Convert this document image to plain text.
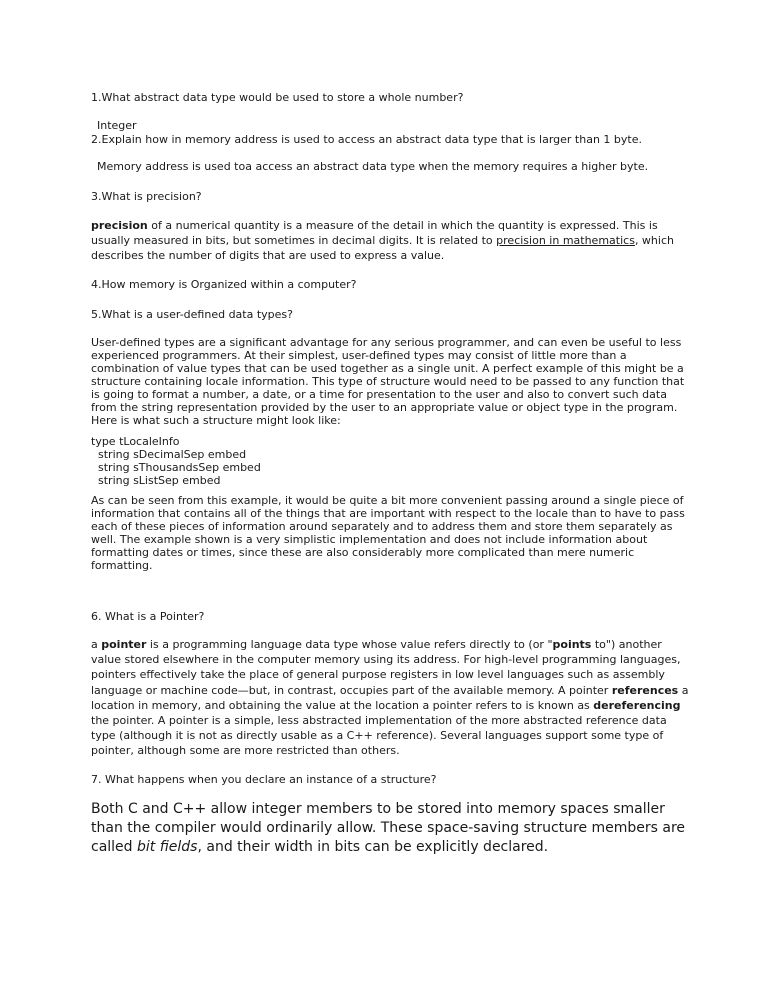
1.What abstract data type would be used to store a whole number?

Integer

2.Explain how in memory address is used to access an abstract data type that is larger than 1 byte.

Memory address is used toa access an abstract data type when the memory requires a higher byte.

3.What is precision?

precision of a numerical quantity is a measure of the detail in which the quantity is expressed. This is usually measured in bits, but sometimes in decimal digits. It is related to precision in mathematics, which describes the number of digits that are used to express a value.

4.How memory is Organized within a computer?

5.What is a user-defined data types?

User-defined types are a significant advantage for any serious programmer, and can even be useful to less experienced programmers. At their simplest, user-defined types may consist of little more than a combination of value types that can be used together as a single unit. A perfect example of this might be a structure containing locale information. This type of structure would need to be passed to any function that is going to format a number, a date, or a time for presentation to the user and also to convert such data from the string representation provided by the user to an appropriate value or object type in the program. Here is what such a structure might look like:

type tLocaleInfo
string sDecimalSep embed
string sThousandsSep embed
string sListSep embed

As can be seen from this example, it would be quite a bit more convenient passing around a single piece of information that contains all of the things that are important with respect to the locale than to have to pass each of these pieces of information around separately and to address them and store them separately as well. The example shown is a very simplistic implementation and does not include information about formatting dates or times, since these are also considerably more complicated than mere numeric formatting.

6. What is a Pointer?

a pointer is a programming language data type whose value refers directly to (or "points to") another value stored elsewhere in the computer memory using its address. For high-level programming languages, pointers effectively take the place of general purpose registers in low level languages such as assembly language or machine code—but, in contrast, occupies part of the available memory. A pointer references a location in memory, and obtaining the value at the location a pointer refers to is known as dereferencing the pointer. A pointer is a simple, less abstracted implementation of the more abstracted reference data type (although it is not as directly usable as a C++ reference). Several languages support some type of pointer, although some are more restricted than others.

7. What happens when you declare an instance of a structure?

Both C and C++ allow integer members to be stored into memory spaces smaller than the compiler would ordinarily allow. These space-saving structure members are called bit fields, and their width in bits can be explicitly declared.
